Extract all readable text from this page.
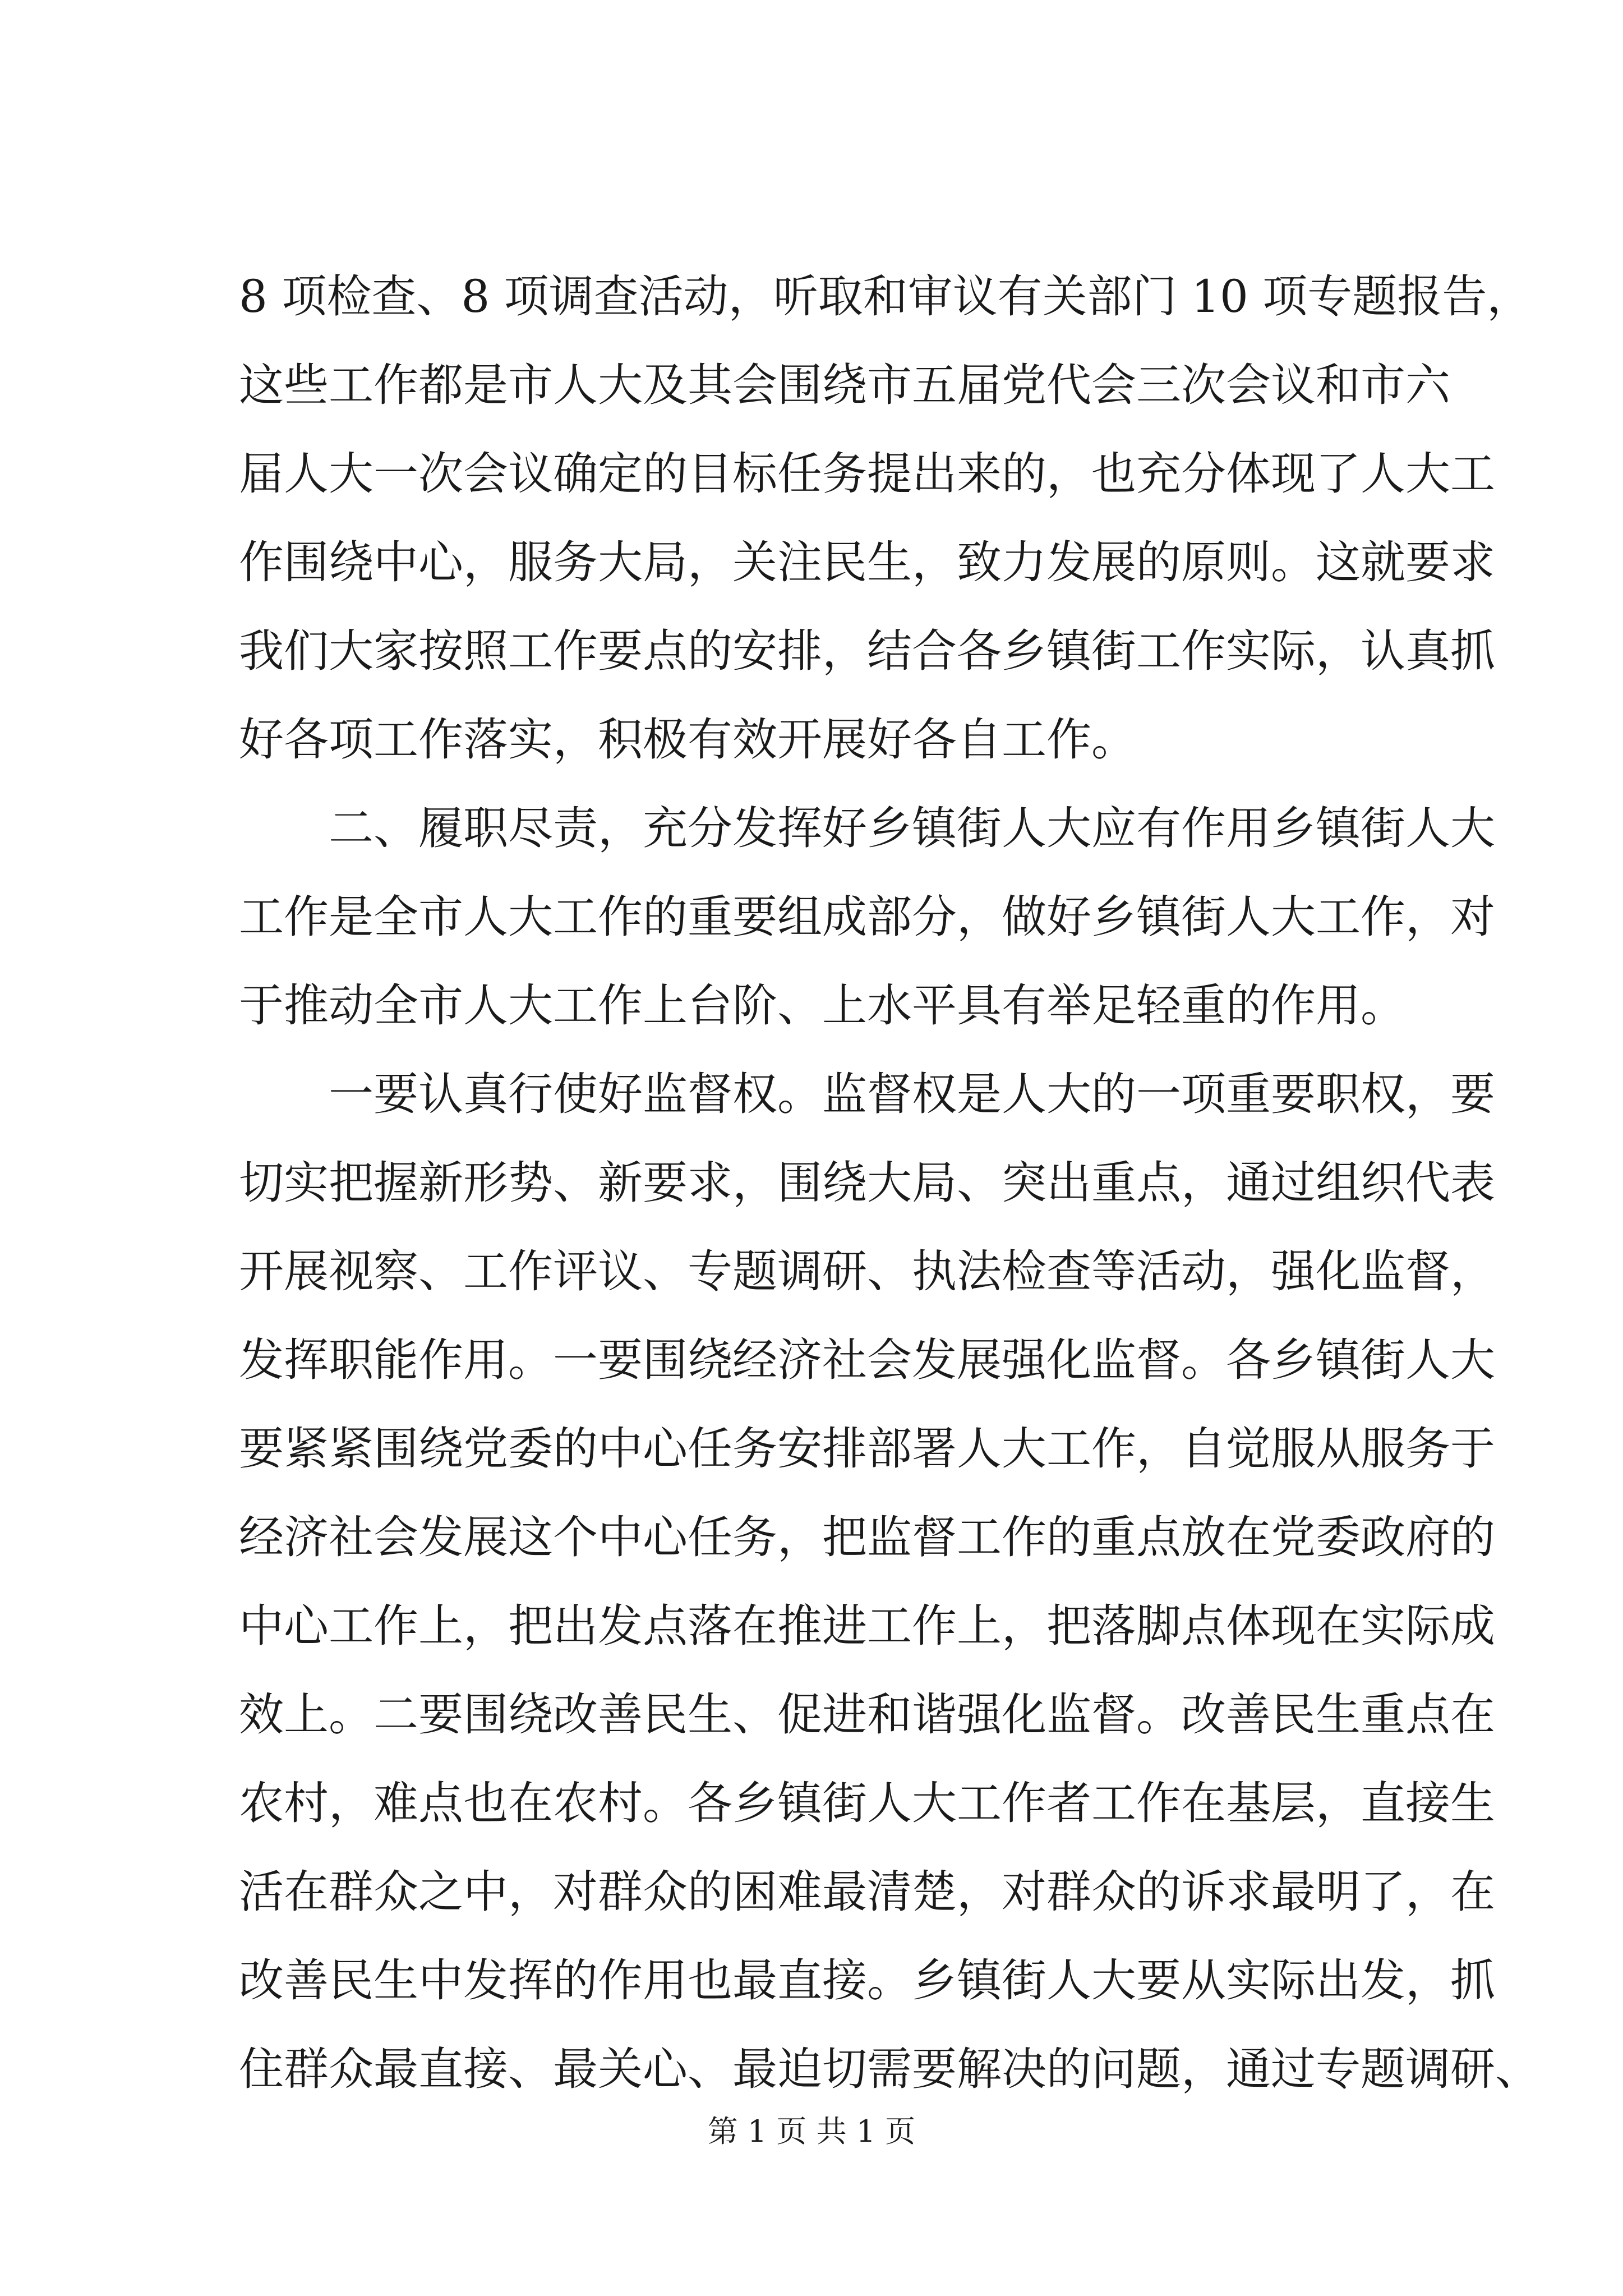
8 项检查、8 项调查活动，听取和审议有关部门 10 项专题报告，
这些工作都是市人大及其会围绕市五届党代会三次会议和市六
届人大一次会议确定的目标任务提出来的，也充分体现了人大工
作围绕中心，服务大局，关注民生，致力发展的原则。这就要求
我们大家按照工作要点的安排，结合各乡镇街工作实际，认真抓
好各项工作落实，积极有效开展好各自工作。
二、履职尽责，充分发挥好乡镇街人大应有作用乡镇街人大
工作是全市人大工作的重要组成部分，做好乡镇街人大工作，对
于推动全市人大工作上台阶、上水平具有举足轻重的作用。
一要认真行使好监督权。监督权是人大的一项重要职权，要
切实把握新形势、新要求，围绕大局、突出重点，通过组织代表
开展视察、工作评议、专题调研、执法检查等活动，强化监督，
发挥职能作用。一要围绕经济社会发展强化监督。各乡镇街人大
要紧紧围绕党委的中心任务安排部署人大工作，自觉服从服务于
经济社会发展这个中心任务，把监督工作的重点放在党委政府的
中心工作上，把出发点落在推进工作上，把落脚点体现在实际成
效上。二要围绕改善民生、促进和谐强化监督。改善民生重点在
农村，难点也在农村。各乡镇街人大工作者工作在基层，直接生
活在群众之中，对群众的困难最清楚，对群众的诉求最明了，在
改善民生中发挥的作用也最直接。乡镇街人大要从实际出发，抓
住群众最直接、最关心、最迫切需要解决的问题，通过专题调研、
第 1 页 共 1 页
